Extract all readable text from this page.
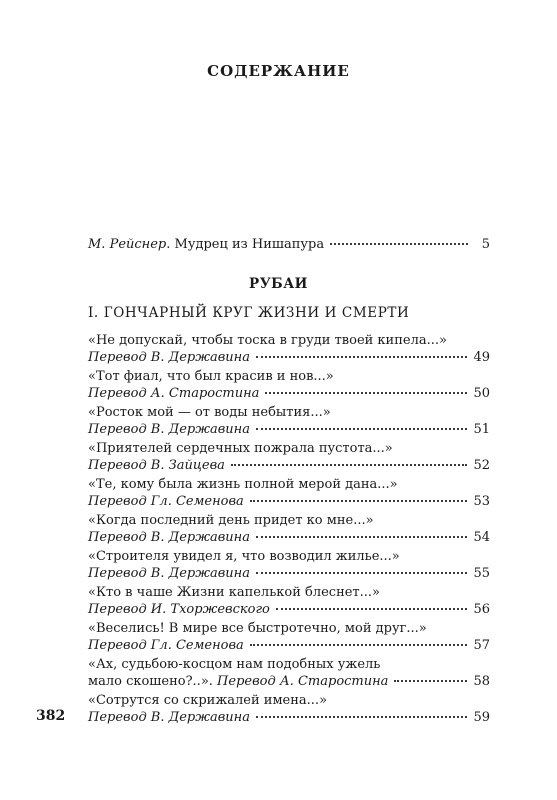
СОДЕРЖАНИЕ
М. Рейснер. Мудрец из Нишапура	5
РУБАИ
I. ГОНЧАРНЫЙ КРУГ ЖИЗНИ И СМЕРТИ
«Не допускай, чтобы тоска в груди твоей кипела...»
Перевод В. Державина	49
«Тот фиал, что был красив и нов...»
Перевод А. Старостина	50
«Росток мой — от воды небытия...»
Перевод В. Державина	51
«Приятелей сердечных пожрала пустота...»
Перевод В. Зайцева	52
«Те, кому была жизнь полной мерой дана...»
Перевод Гл. Семенова	53
«Когда последний день придет ко мне...»
Перевод В. Державина	54
«Строителя увидел я, что возводил жилье...»
Перевод В. Державина	55
«Кто в чаше Жизни капелькой блеснет...»
Перевод И. Тхоржевского	56
«Веселись! В мире все быстротечно, мой друг...»
Перевод Гл. Семенова	57
«Ах, судьбою-косцом нам подобных ужель
мало скошено?..». Перевод А. Старостина	58
«Сотрутся со скрижалей имена...»
Перевод В. Державина	59
382
